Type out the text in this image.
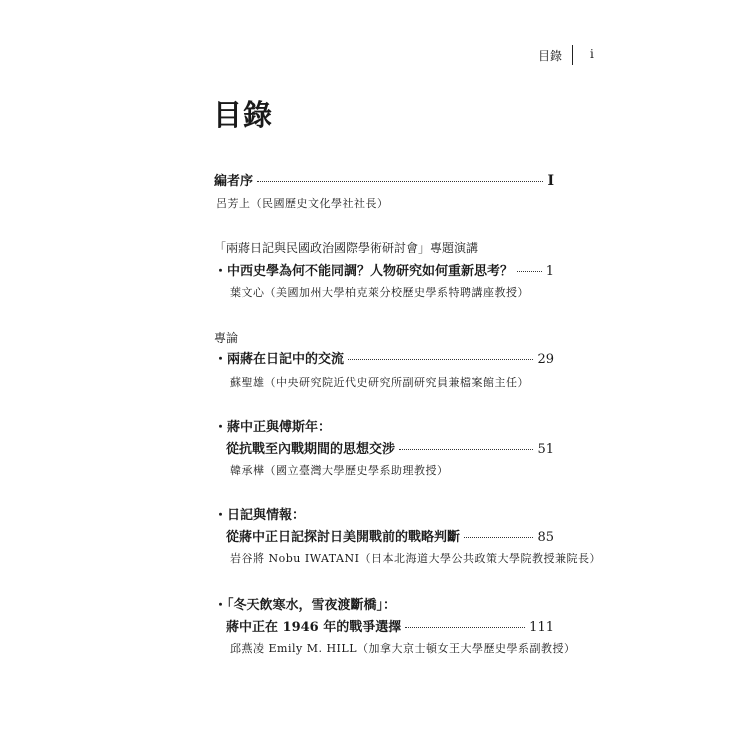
目錄 i
目錄
編者序	I
呂芳上（民國歷史文化學社社長）
「兩蔣日記與民國政治國際學術研討會」專題演講
・中西史學為何不能同調？人物研究如何重新思考？	1
葉文心（美國加州大學柏克萊分校歷史學系特聘講座教授）
專論
・兩蔣在日記中的交流	29
蘇聖雄（中央研究院近代史研究所副研究員兼檔案館主任）
・蔣中正與傅斯年：
從抗戰至內戰期間的思想交涉	51
韓承樺（國立臺灣大學歷史學系助理教授）
・日記與情報：
從蔣中正日記探討日美開戰前的戰略判斷	85
岩谷將 Nobu IWATANI（日本北海道大學公共政策大學院教授兼院長）
・「冬天飲寒水，雪夜渡斷橋」：
蔣中正在 1946 年的戰爭選擇	111
邱燕凌 Emily M. HILL（加拿大京士頓女王大學歷史學系副教授）
